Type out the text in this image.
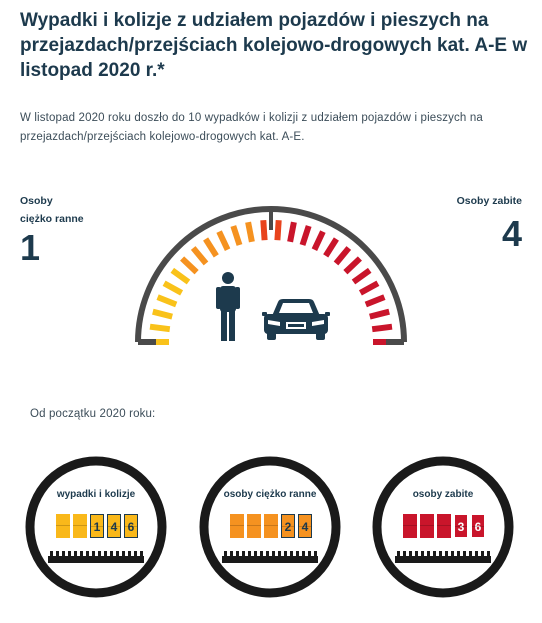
Wypadki i kolizje z udziałem pojazdów i pieszych na przejazdach/przejściach kolejowo-drogowych kat. A-E w listopad 2020 r.*

W listopad 2020 roku doszło do 10 wypadków i kolizji z udziałem pojazdów i pieszych na przejazdach/przejściach kolejowo-drogowych kat. A-E.

Osoby
ciężko ranne
1
Osoby zabite
4
Od początku 2020 roku:
wypadki i kolizje
1 4 6
osoby ciężko ranne
2 4
osoby zabite
3 6
